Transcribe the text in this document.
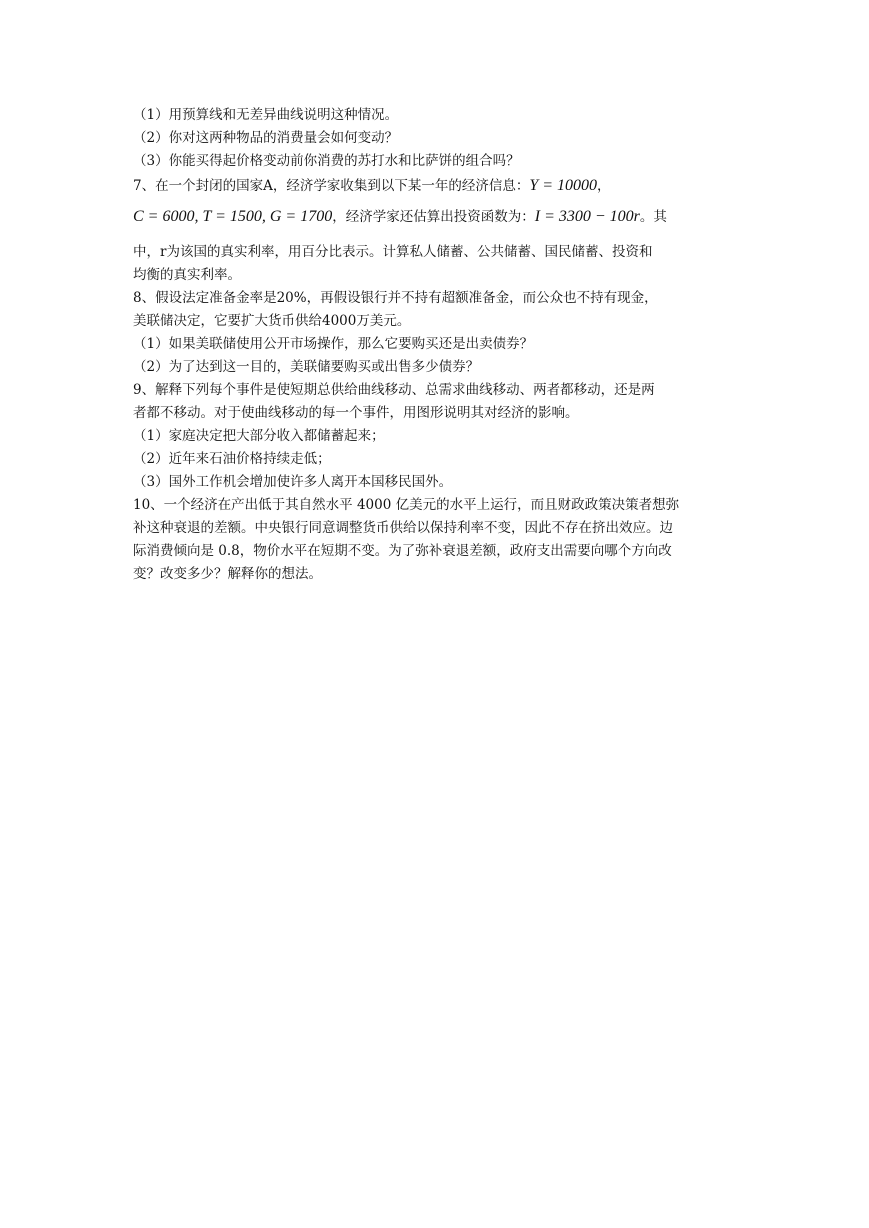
（1）用预算线和无差异曲线说明这种情况。
（2）你对这两种物品的消费量会如何变动？
（3）你能买得起价格变动前你消费的苏打水和比萨饼的组合吗？
7、在一个封闭的国家A，经济学家收集到以下某一年的经济信息：Y = 10000，
C = 6000, T = 1500, G = 1700，经济学家还估算出投资函数为：I = 3300 − 100r。其
中，r为该国的真实利率，用百分比表示。计算私人储蓄、公共储蓄、国民储蓄、投资和
均衡的真实利率。
8、假设法定准备金率是20%，再假设银行并不持有超额准备金，而公众也不持有现金，
美联储决定，它要扩大货币供给4000万美元。
（1）如果美联储使用公开市场操作，那么它要购买还是出卖债券？
（2）为了达到这一目的，美联储要购买或出售多少债券？
9、解释下列每个事件是使短期总供给曲线移动、总需求曲线移动、两者都移动，还是两
者都不移动。对于使曲线移动的每一个事件，用图形说明其对经济的影响。
（1）家庭决定把大部分收入都储蓄起来；
（2）近年来石油价格持续走低；
（3）国外工作机会增加使许多人离开本国移民国外。
10、一个经济在产出低于其自然水平 4000 亿美元的水平上运行，而且财政政策决策者想弥
补这种衰退的差额。中央银行同意调整货币供给以保持利率不变，因此不存在挤出效应。边
际消费倾向是 0.8，物价水平在短期不变。为了弥补衰退差额，政府支出需要向哪个方向改
变？改变多少？解释你的想法。
